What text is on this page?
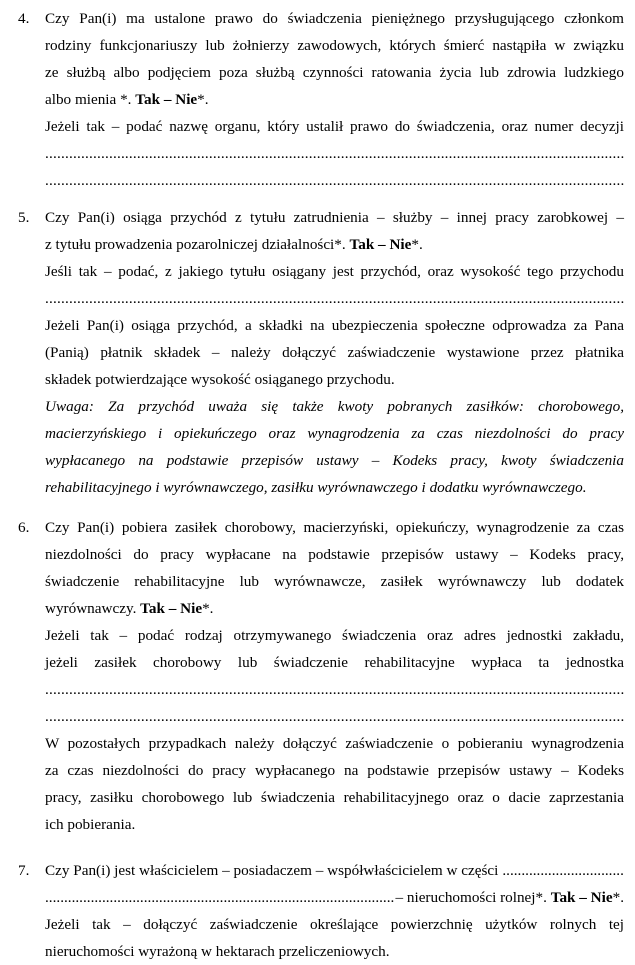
4.	Czy Pan(i) ma ustalone prawo do świadczenia pieniężnego przysługującego członkom
rodziny funkcjonariuszy lub żołnierzy zawodowych, których śmierć nastąpiła w związku
ze służbą albo podjęciem poza służbą czynności ratowania życia lub zdrowia ludzkiego
albo mienia *. Tak – Nie*.
Jeżeli tak – podać nazwę organu, który ustalił prawo do świadczenia, oraz numer decyzji
.....
.....
5.	Czy Pan(i) osiąga przychód z tytułu zatrudnienia – służby – innej pracy zarobkowej –
z tytułu prowadzenia pozarolniczej działalności*. Tak – Nie*.
Jeśli tak – podać, z jakiego tytułu osiągany jest przychód, oraz wysokość tego przychodu
.....
Jeżeli Pan(i) osiąga przychód, a składki na ubezpieczenia społeczne odprowadza za Pana
(Panią) płatnik składek – należy dołączyć zaświadczenie wystawione przez płatnika
składek potwierdzające wysokość osiąganego przychodu.
Uwaga: Za przychód uważa się także kwoty pobranych zasiłków: chorobowego,
macierzyńskiego i opiekuńczego oraz wynagrodzenia za czas niezdolności do pracy
wypłacanego na podstawie przepisów ustawy – Kodeks pracy, kwoty świadczenia
rehabilitacyjnego i wyrównawczego, zasiłku wyrównawczego i dodatku wyrównawczego.
6.	Czy Pan(i) pobiera zasiłek chorobowy, macierzyński, opiekuńczy, wynagrodzenie za czas
niezdolności do pracy wypłacane na podstawie przepisów ustawy – Kodeks pracy,
świadczenie rehabilitacyjne lub wyrównawcze, zasiłek wyrównawczy lub dodatek
wyrównawczy. Tak – Nie*.
Jeżeli tak – podać rodzaj otrzymywanego świadczenia oraz adres jednostki zakładu,
jeżeli zasiłek chorobowy lub świadczenie rehabilitacyjne wypłaca ta jednostka
.....
.....
W pozostałych przypadkach należy dołączyć zaświadczenie o pobieraniu wynagrodzenia
za czas niezdolności do pracy wypłacanego na podstawie przepisów ustawy – Kodeks
pracy, zasiłku chorobowego lub świadczenia rehabilitacyjnego oraz o dacie zaprzestania
ich pobierania.
7.	Czy Pan(i) jest właścicielem – posiadaczem – współwłaścicielem w części
.....
.....
– nieruchomości rolnej*. Tak – Nie*.
Jeżeli tak – dołączyć zaświadczenie określające powierzchnię użytków rolnych tej
nieruchomości wyrażoną w hektarach przeliczeniowych.
